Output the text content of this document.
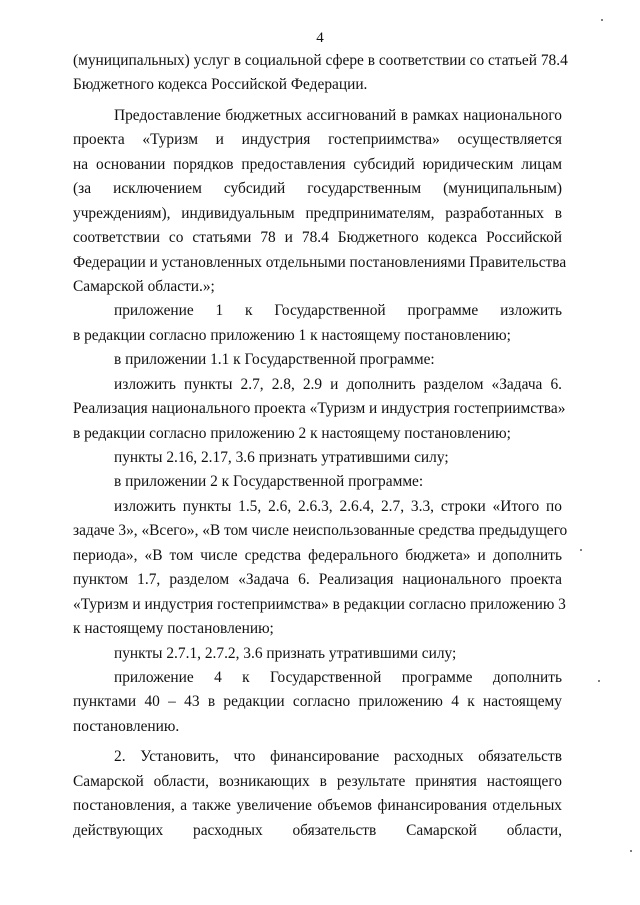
4
(муниципальных) услуг в социальной сфере в соответствии со статьей 78.4
Бюджетного кодекса Российской Федерации.
Предоставление бюджетных ассигнований в рамках национального
проекта «Туризм и индустрия гостеприимства» осуществляется
на основании порядков предоставления субсидий юридическим лицам
(за исключением субсидий государственным (муниципальным)
учреждениям), индивидуальным предпринимателям, разработанных в
соответствии со статьями 78 и 78.4 Бюджетного кодекса Российской
Федерации и установленных отдельными постановлениями Правительства
Самарской области.»;
приложение 1 к Государственной программе изложить
в редакции согласно приложению 1 к настоящему постановлению;
в приложении 1.1 к Государственной программе:
изложить пункты 2.7, 2.8, 2.9 и дополнить разделом «Задача 6.
Реализация национального проекта «Туризм и индустрия гостеприимства»
в редакции согласно приложению 2 к настоящему постановлению;
пункты 2.16, 2.17, 3.6 признать утратившими силу;
в приложении 2 к Государственной программе:
изложить пункты 1.5, 2.6, 2.6.3, 2.6.4, 2.7, 3.3, строки «Итого по
задаче 3», «Всего», «В том числе неиспользованные средства предыдущего
периода», «В том числе средства федерального бюджета» и дополнить
пунктом 1.7, разделом «Задача 6. Реализация национального проекта
«Туризм и индустрия гостеприимства» в редакции согласно приложению 3
к настоящему постановлению;
пункты 2.7.1, 2.7.2, 3.6 признать утратившими силу;
приложение 4 к Государственной программе дополнить
пунктами 40 – 43 в редакции согласно приложению 4 к настоящему
постановлению.
2. Установить, что финансирование расходных обязательств
Самарской области, возникающих в результате принятия настоящего
постановления, а также увеличение объемов финансирования отдельных
действующих расходных обязательств Самарской области,
